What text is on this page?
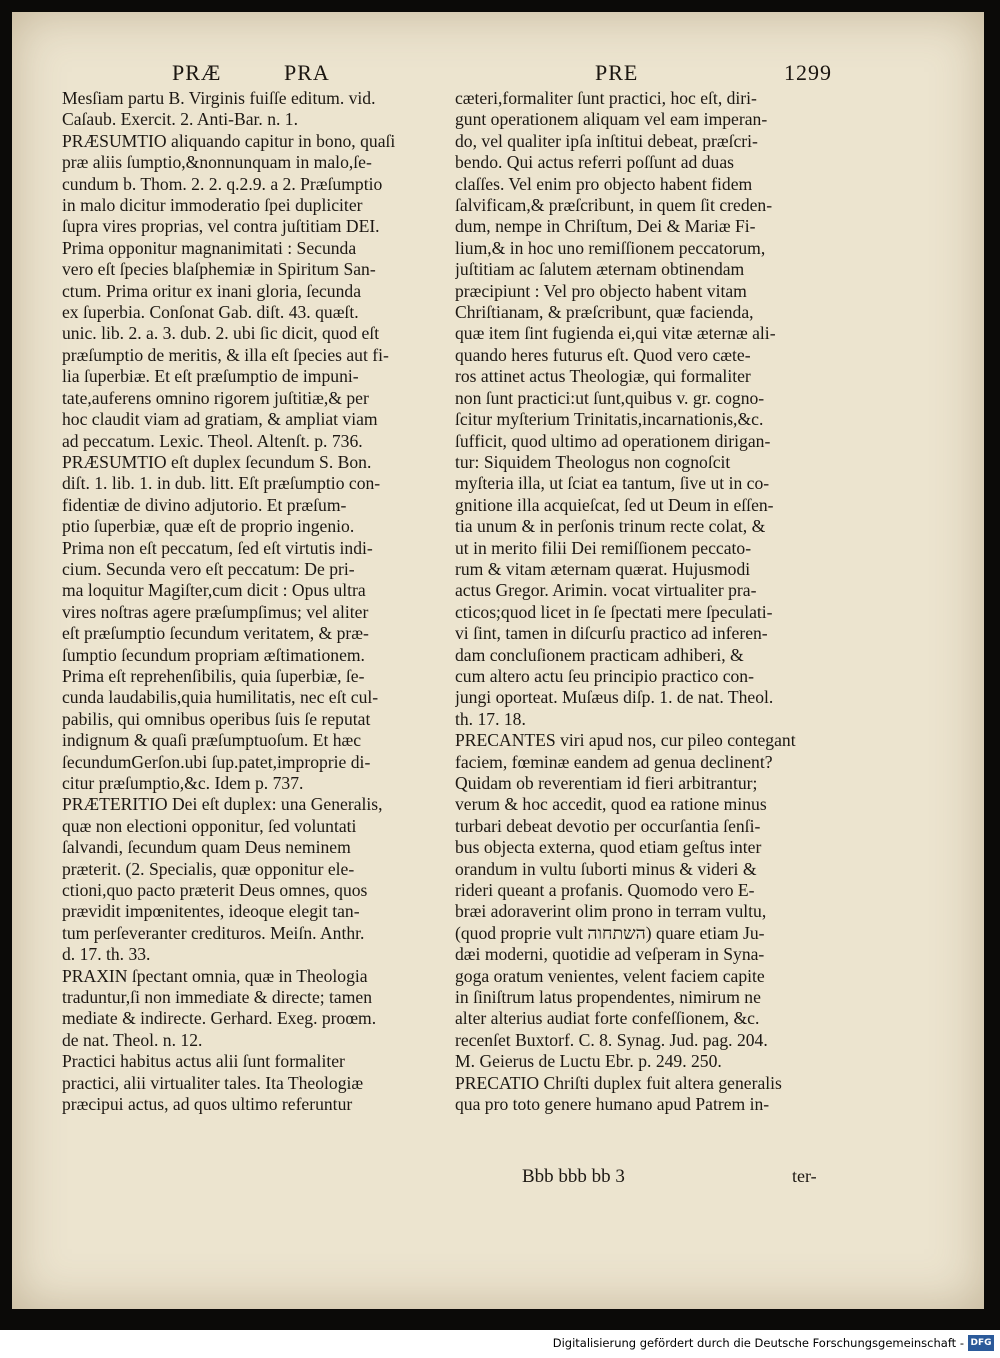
PRÆ	PRA	PRE	1299
Mesſiam partu B. Virginis fuiſſe editum. vid.
Caſaub. Exercit. 2. Anti-Bar. n. 1.
PRÆSUMTIO aliquando capitur in bono, quaſi
præ aliis ſumptio,&nonnunquam in malo,ſe-
cundum b. Thom. 2. 2. q.2.9. a 2. Præſumptio
in malo dicitur immoderatio ſpei dupliciter
ſupra vires proprias, vel contra juſtitiam DEI.
Prima opponitur magnanimitati : Secunda
vero eſt ſpecies blaſphemiæ in Spiritum San-
ctum. Prima oritur ex inani gloria, ſecunda
ex ſuperbia. Conſonat Gab. diſt. 43. quæſt.
unic. lib. 2. a. 3. dub. 2. ubi ſic dicit, quod eſt
præſumptio de meritis, & illa eſt ſpecies aut fi-
lia ſuperbiæ. Et eſt præſumptio de impuni-
tate,auferens omnino rigorem juſtitiæ,& per
hoc claudit viam ad gratiam, & ampliat viam
ad peccatum. Lexic. Theol. Altenſt. p. 736.
PRÆSUMTIO eſt duplex ſecundum S. Bon.
diſt. 1. lib. 1. in dub. litt. Eſt præſumptio con-
fidentiæ de divino adjutorio. Et præſum-
ptio ſuperbiæ, quæ eſt de proprio ingenio.
Prima non eſt peccatum, ſed eſt virtutis indi-
cium. Secunda vero eſt peccatum: De pri-
ma loquitur Magiſter,cum dicit : Opus ultra
vires noſtras agere præſumpſimus; vel aliter
eſt præſumptio ſecundum veritatem, & præ-
ſumptio ſecundum propriam æſtimationem.
Prima eſt reprehenſibilis, quia ſuperbiæ, ſe-
cunda laudabilis,quia humilitatis, nec eſt cul-
pabilis, qui omnibus operibus ſuis ſe reputat
indignum & quaſi præſumptuoſum. Et hæc
ſecundumGerſon.ubi ſup.patet,improprie di-
citur præſumptio,&c. Idem p. 737.
PRÆTERITIO Dei eſt duplex: una Generalis,
quæ non electioni opponitur, ſed voluntati
ſalvandi, ſecundum quam Deus neminem
præterit. (2. Specialis, quæ opponitur ele-
ctioni,quo pacto præterit Deus omnes, quos
prævidit impœnitentes, ideoque elegit tan-
tum perſeveranter crediturоs. Meiſn. Anthr.
d. 17. th. 33.
PRAXIN ſpectant omnia, quæ in Theologia
traduntur,ſi non immediate & directe; tamen
mediate & indirecte. Gerhard. Exeg. proœm.
de nat. Theol. n. 12.
Practici habitus actus alii ſunt formaliter
practici, alii virtualiter tales. Ita Theologiæ
præcipui actus, ad quos ultimo referuntur
cæteri,formaliter ſunt practici, hoc eſt, diri-
gunt operationem aliquam vel eam imperan-
do, vel qualiter ipſa inſtitui debeat, præſcri-
bendo. Qui actus referri poſſunt ad duas
claſſes. Vel enim pro objecto habent fidem
ſalvificam,& præſcribunt, in quem ſit creden-
dum, nempe in Chriſtum, Dei & Mariæ Fi-
lium,& in hoc uno remiſſionem peccatorum,
juſtitiam ac ſalutem æternam obtinendam
præcipiunt : Vel pro objecto habent vitam
Chriſtianam, & præſcribunt, quæ facienda,
quæ item ſint fugienda ei,qui vitæ æternæ ali-
quando heres futurus eſt. Quod vero cæte-
ros attinet actus Theologiæ, qui formaliter
non ſunt practici:ut ſunt,quibus v. gr. cogno-
ſcitur myſterium Trinitatis,incarnationis,&c.
ſufficit, quod ultimo ad operationem dirigan-
tur: Siquidem Theologus non cognoſcit
myſteria illa, ut ſciat ea tantum, ſive ut in co-
gnitione illa acquieſcat, ſed ut Deum in eſſen-
tia unum & in perſonis trinum recte colat, &
ut in merito filii Dei remiſſionem peccato-
rum & vitam æternam quærat. Hujusmodi
actus Gregor. Arimin. vocat virtualiter pra-
cticos;quod licet in ſe ſpectati mere ſpeculati-
vi ſint, tamen in diſcurſu practico ad inferen-
dam concluſionem practicam adhiberi, &
cum altero actu ſeu principio practico con-
jungi oporteat. Muſæus diſp. 1. de nat. Theol.
th. 17. 18.
PRECANTES viri apud nos, cur pileo contegant
faciem, fœminæ eandem ad genua declinent?
Quidam ob reverentiam id fieri arbitrantur;
verum & hoc accedit, quod ea ratione minus
turbari debeat devotio per occurſantia ſenſi-
bus objecta externa, quod etiam geſtus inter
orandum in vultu ſuborti minus & videri &
rideri queant a profanis. Quomodo vero E-
bræi adoraverint olim prono in terram vultu,
(quod proprie vult השתחוה) quare etiam Ju-
dæi moderni, quotidie ad veſperam in Syna-
goga oratum venientes, velent faciem capite
in ſiniſtrum latus propendentes, nimirum ne
alter alterius audiat forte confeſſionem, &c.
recenſet Buxtorf. C. 8. Synag. Jud. pag. 204.
M. Geierus de Luctu Ebr. p. 249. 250.
PRECATIO Chriſti duplex fuit altera generalis
qua pro toto genere humano apud Patrem in-
Bbb bbb bb 3	ter-
Digitalisierung gefördert durch die Deutsche Forschungsgemeinschaft - DFG
